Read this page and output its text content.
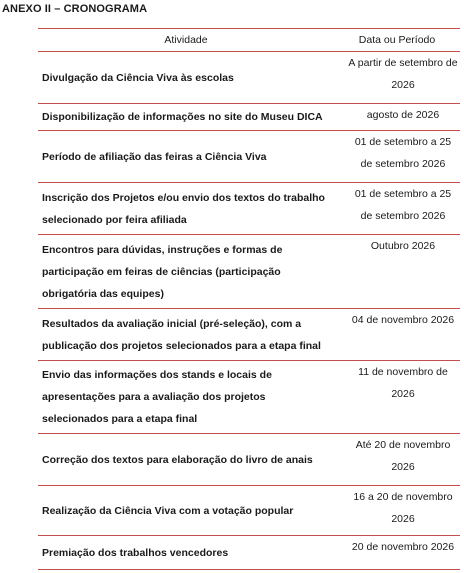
ANEXO II – CRONOGRAMA
Atividade	Data ou Período
Divulgação da Ciência Viva às escolas	A partir de setembro de 2026
Disponibilização de informações no site do Museu DICA	agosto de 2026
Período de afiliação das feiras a Ciência Viva	01 de setembro a 25 de setembro 2026
Inscrição dos Projetos e/ou envio dos textos do trabalho selecionado por feira afiliada	01 de setembro a 25 de setembro 2026
Encontros para dúvidas, instruções e formas de participação em feiras de ciências (participação obrigatória das equipes)	Outubro 2026
Resultados da avaliação inicial (pré-seleção), com a publicação dos projetos selecionados para a etapa final	04 de novembro 2026
Envio das informações dos stands e locais de apresentações para a avaliação dos projetos selecionados para a etapa final	11 de novembro de 2026
Correção dos textos para elaboração do livro de anais	Até 20 de novembro 2026
Realização da Ciência Viva com a votação popular	16 a 20 de novembro 2026
Premiação dos trabalhos vencedores	20 de novembro 2026
